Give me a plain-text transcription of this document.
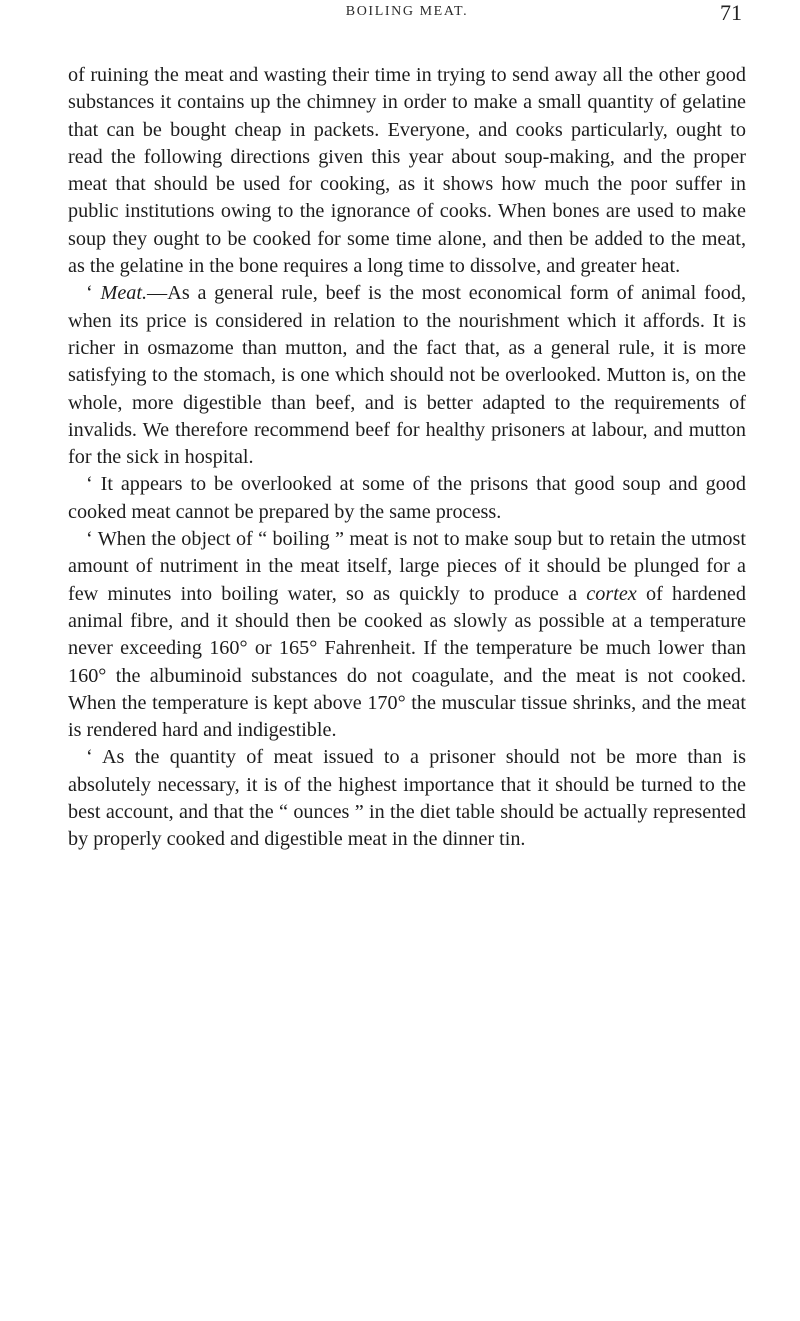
BOILING MEAT.	71

of ruining the meat and wasting their time in trying to send away all the other good substances it contains up the chimney in order to make a small quantity of gelatine that can be bought cheap in packets. Everyone, and cooks particularly, ought to read the following directions given this year about soup-making, and the proper meat that should be used for cooking, as it shows how much the poor suffer in public institutions owing to the ignorance of cooks. When bones are used to make soup they ought to be cooked for some time alone, and then be added to the meat, as the gelatine in the bone requires a long time to dissolve, and greater heat.

‘ Meat.—As a general rule, beef is the most economical form of animal food, when its price is considered in relation to the nourishment which it affords. It is richer in osmazome than mutton, and the fact that, as a general rule, it is more satisfying to the stomach, is one which should not be overlooked. Mutton is, on the whole, more digestible than beef, and is better adapted to the requirements of invalids. We therefore recommend beef for healthy prisoners at labour, and mutton for the sick in hospital.

‘ It appears to be overlooked at some of the prisons that good soup and good cooked meat cannot be prepared by the same process.

‘ When the object of “ boiling ” meat is not to make soup but to retain the utmost amount of nutriment in the meat itself, large pieces of it should be plunged for a few minutes into boiling water, so as quickly to produce a cortex of hardened animal fibre, and it should then be cooked as slowly as possible at a temperature never exceeding 160° or 165° Fahrenheit. If the temperature be much lower than 160° the albuminoid substances do not coagulate, and the meat is not cooked. When the temperature is kept above 170° the muscular tissue shrinks, and the meat is rendered hard and indigestible.

‘ As the quantity of meat issued to a prisoner should not be more than is absolutely necessary, it is of the highest importance that it should be turned to the best account, and that the “ ounces ” in the diet table should be actually represented by properly cooked and digestible meat in the dinner tin.
